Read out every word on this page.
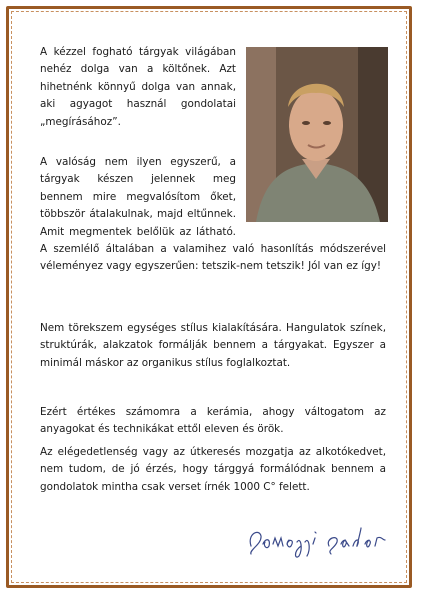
A kézzel fogható tárgyak világában nehéz dolga van a költőnek. Azt hihetnénk könnyű dolga van annak, aki agyagot használ gondolatai „megírásához”.

A valóság nem ilyen egyszerű, a tárgyak készen jelennek meg bennem mire megvalósítom őket, többször átalakulnak, majd eltűnnek. Amit megmentek belőlük az látható. A szemlélő általában a valamihez való hasonlítás módszerével véleményez vagy egyszerűen: tetszik-nem tetszik! Jól van ez így!

Nem törekszem egységes stílus kialakítására. Hangulatok színek, struktúrák, alakzatok formálják bennem a tárgyakat. Egyszer a minimál máskor az organikus stílus foglalkoztat.

Ezért értékes számomra a kerámia, ahogy váltogatom az anyagokat és technikákat ettől eleven és örök.

Az elégedetlenség vagy az útkeresés mozgatja az alkotókedvet, nem tudom, de jó érzés, hogy tárggyá formálódnak bennem a gondolatok mintha csak verset írnék 1000 C° felett.
